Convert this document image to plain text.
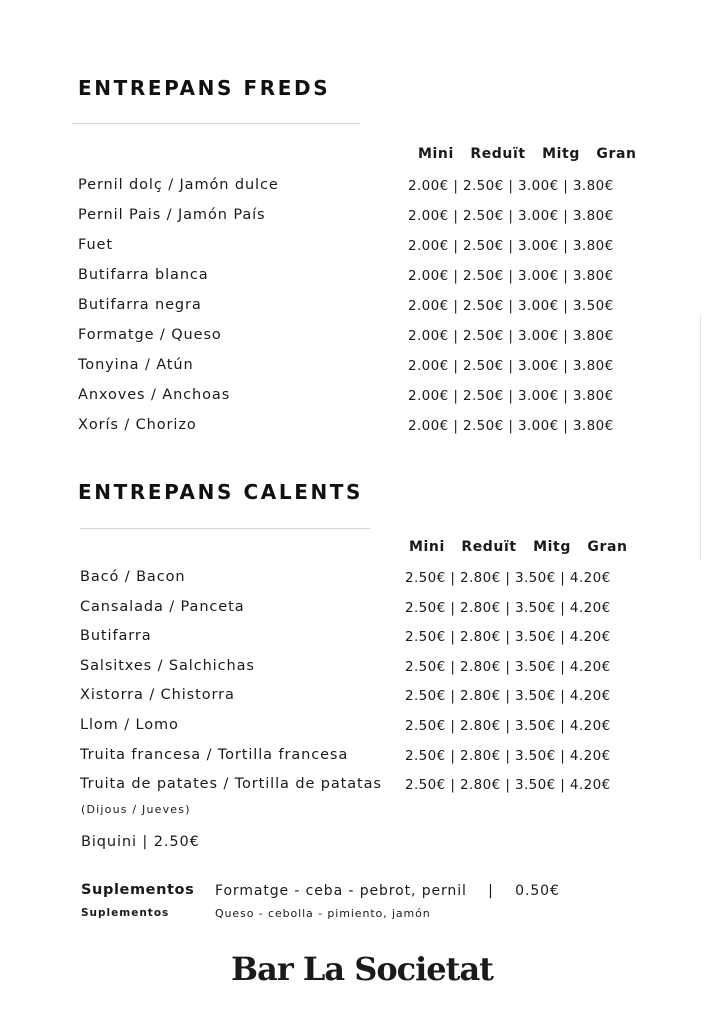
ENTREPANS FREDS
Mini   Reduït   Mitg   Gran
Pernil dolç / Jamón dulce	2.00€ | 2.50€ | 3.00€ | 3.80€
Pernil Pais / Jamón País	2.00€ | 2.50€ | 3.00€ | 3.80€
Fuet	2.00€ | 2.50€ | 3.00€ | 3.80€
Butifarra blanca	2.00€ | 2.50€ | 3.00€ | 3.80€
Butifarra negra	2.00€ | 2.50€ | 3.00€ | 3.50€
Formatge / Queso	2.00€ | 2.50€ | 3.00€ | 3.80€
Tonyina / Atún	2.00€ | 2.50€ | 3.00€ | 3.80€
Anxoves / Anchoas	2.00€ | 2.50€ | 3.00€ | 3.80€
Xorís / Chorizo	2.00€ | 2.50€ | 3.00€ | 3.80€
ENTREPANS CALENTS
Mini   Reduït   Mitg   Gran
Bacó / Bacon	2.50€ | 2.80€ | 3.50€ | 4.20€
Cansalada / Panceta	2.50€ | 2.80€ | 3.50€ | 4.20€
Butifarra	2.50€ | 2.80€ | 3.50€ | 4.20€
Salsitxes / Salchichas	2.50€ | 2.80€ | 3.50€ | 4.20€
Xistorra / Chistorra	2.50€ | 2.80€ | 3.50€ | 4.20€
Llom / Lomo	2.50€ | 2.80€ | 3.50€ | 4.20€
Truita francesa / Tortilla francesa	2.50€ | 2.80€ | 3.50€ | 4.20€
Truita de patates / Tortilla de patatas 2.50€ | 2.80€ | 3.50€ | 4.20€
(Dijous / Jueves)
Biquini | 2.50€
Suplementos
Suplementos
Formatge - ceba - pebrot, pernil    |    0.50€
Queso - cebolla - pimiento, jamón
Bar La Societat
